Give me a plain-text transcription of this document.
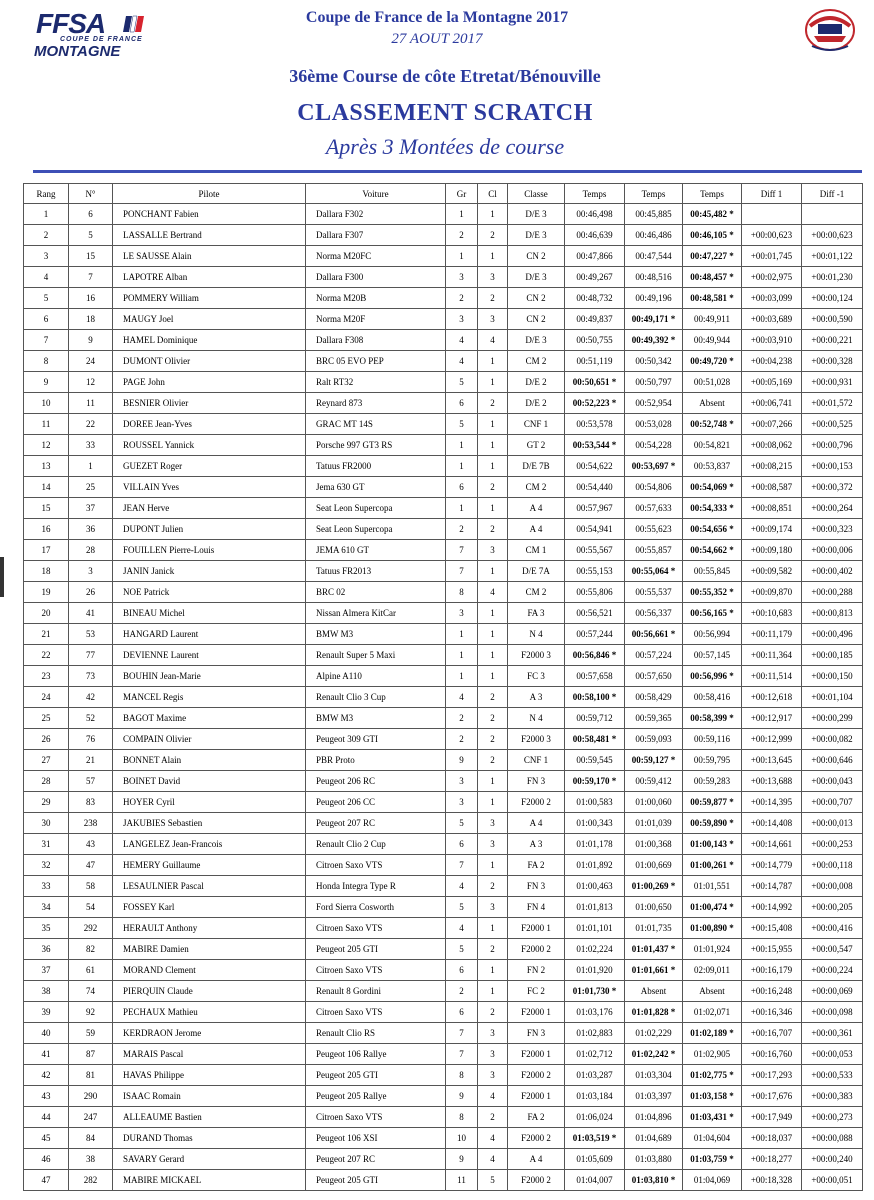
FFSA
COUPE DE FRANCE
MONTAGNE
Coupe de France de la Montagne 2017
27 AOUT 2017
36ème Course de côte Etretat/Bénouville
CLASSEMENT SCRATCH
Après 3 Montées de course
Rang	N°	Pilote	Voiture	Gr	Cl	Classe	Temps	Temps	Temps	Diff 1	Diff -1
1	6	PONCHANT Fabien	Dallara F302	1	1	D/E 3	00:46,498	00:45,885	00:45,482 *		
2	5	LASSALLE Bertrand	Dallara F307	2	2	D/E 3	00:46,639	00:46,486	00:46,105 *	+00:00,623	+00:00,623
3	15	LE SAUSSE Alain	Norma M20FC	1	1	CN 2	00:47,866	00:47,544	00:47,227 *	+00:01,745	+00:01,122
4	7	LAPOTRE Alban	Dallara F300	3	3	D/E 3	00:49,267	00:48,516	00:48,457 *	+00:02,975	+00:01,230
5	16	POMMERY William	Norma M20B	2	2	CN 2	00:48,732	00:49,196	00:48,581 *	+00:03,099	+00:00,124
6	18	MAUGY Joel	Norma M20F	3	3	CN 2	00:49,837	00:49,171 *	00:49,911	+00:03,689	+00:00,590
7	9	HAMEL Dominique	Dallara F308	4	4	D/E 3	00:50,755	00:49,392 *	00:49,944	+00:03,910	+00:00,221
8	24	DUMONT Olivier	BRC 05 EVO PEP	4	1	CM 2	00:51,119	00:50,342	00:49,720 *	+00:04,238	+00:00,328
9	12	PAGE John	Ralt RT32	5	1	D/E 2	00:50,651 *	00:50,797	00:51,028	+00:05,169	+00:00,931
10	11	BESNIER Olivier	Reynard 873	6	2	D/E 2	00:52,223 *	00:52,954	Absent	+00:06,741	+00:01,572
11	22	DOREE Jean-Yves	GRAC MT 14S	5	1	CNF 1	00:53,578	00:53,028	00:52,748 *	+00:07,266	+00:00,525
12	33	ROUSSEL Yannick	Porsche 997 GT3 RS	1	1	GT 2	00:53,544 *	00:54,228	00:54,821	+00:08,062	+00:00,796
13	1	GUEZET Roger	Tatuus FR2000	1	1	D/E 7B	00:54,622	00:53,697 *	00:53,837	+00:08,215	+00:00,153
14	25	VILLAIN Yves	Jema 630 GT	6	2	CM 2	00:54,440	00:54,806	00:54,069 *	+00:08,587	+00:00,372
15	37	JEAN Herve	Seat Leon Supercopa	1	1	A 4	00:57,967	00:57,633	00:54,333 *	+00:08,851	+00:00,264
16	36	DUPONT Julien	Seat Leon Supercopa	2	2	A 4	00:54,941	00:55,623	00:54,656 *	+00:09,174	+00:00,323
17	28	FOUILLEN Pierre-Louis	JEMA 610 GT	7	3	CM 1	00:55,567	00:55,857	00:54,662 *	+00:09,180	+00:00,006
18	3	JANIN Janick	Tatuus FR2013	7	1	D/E 7A	00:55,153	00:55,064 *	00:55,845	+00:09,582	+00:00,402
19	26	NOE Patrick	BRC 02	8	4	CM 2	00:55,806	00:55,537	00:55,352 *	+00:09,870	+00:00,288
20	41	BINEAU Michel	Nissan Almera KitCar	3	1	FA 3	00:56,521	00:56,337	00:56,165 *	+00:10,683	+00:00,813
21	53	HANGARD Laurent	BMW M3	1	1	N 4	00:57,244	00:56,661 *	00:56,994	+00:11,179	+00:00,496
22	77	DEVIENNE Laurent	Renault Super 5 Maxi	1	1	F2000 3	00:56,846 *	00:57,224	00:57,145	+00:11,364	+00:00,185
23	73	BOUHIN Jean-Marie	Alpine A110	1	1	FC 3	00:57,658	00:57,650	00:56,996 *	+00:11,514	+00:00,150
24	42	MANCEL Regis	Renault Clio 3 Cup	4	2	A 3	00:58,100 *	00:58,429	00:58,416	+00:12,618	+00:01,104
25	52	BAGOT Maxime	BMW M3	2	2	N 4	00:59,712	00:59,365	00:58,399 *	+00:12,917	+00:00,299
26	76	COMPAIN Olivier	Peugeot 309 GTI	2	2	F2000 3	00:58,481 *	00:59,093	00:59,116	+00:12,999	+00:00,082
27	21	BONNET Alain	PBR Proto	9	2	CNF 1	00:59,545	00:59,127 *	00:59,795	+00:13,645	+00:00,646
28	57	BOINET David	Peugeot 206 RC	3	1	FN 3	00:59,170 *	00:59,412	00:59,283	+00:13,688	+00:00,043
29	83	HOYER Cyril	Peugeot 206 CC	3	1	F2000 2	01:00,583	01:00,060	00:59,877 *	+00:14,395	+00:00,707
30	238	JAKUBIES Sebastien	Peugeot 207 RC	5	3	A 4	01:00,343	01:01,039	00:59,890 *	+00:14,408	+00:00,013
31	43	LANGELEZ Jean-Francois	Renault Clio 2 Cup	6	3	A 3	01:01,178	01:00,368	01:00,143 *	+00:14,661	+00:00,253
32	47	HEMERY Guillaume	Citroen Saxo VTS	7	1	FA 2	01:01,892	01:00,669	01:00,261 *	+00:14,779	+00:00,118
33	58	LESAULNIER Pascal	Honda Integra Type R	4	2	FN 3	01:00,463	01:00,269 *	01:01,551	+00:14,787	+00:00,008
34	54	FOSSEY Karl	Ford Sierra Cosworth	5	3	FN 4	01:01,813	01:00,650	01:00,474 *	+00:14,992	+00:00,205
35	292	HERAULT Anthony	Citroen Saxo VTS	4	1	F2000 1	01:01,101	01:01,735	01:00,890 *	+00:15,408	+00:00,416
36	82	MABIRE Damien	Peugeot 205 GTI	5	2	F2000 2	01:02,224	01:01,437 *	01:01,924	+00:15,955	+00:00,547
37	61	MORAND Clement	Citroen Saxo VTS	6	1	FN 2	01:01,920	01:01,661 *	02:09,011	+00:16,179	+00:00,224
38	74	PIERQUIN Claude	Renault 8 Gordini	2	1	FC 2	01:01,730 *	Absent	Absent	+00:16,248	+00:00,069
39	92	PECHAUX Mathieu	Citroen Saxo VTS	6	2	F2000 1	01:03,176	01:01,828 *	01:02,071	+00:16,346	+00:00,098
40	59	KERDRAON Jerome	Renault Clio RS	7	3	FN 3	01:02,883	01:02,229	01:02,189 *	+00:16,707	+00:00,361
41	87	MARAIS Pascal	Peugeot 106 Rallye	7	3	F2000 1	01:02,712	01:02,242 *	01:02,905	+00:16,760	+00:00,053
42	81	HAVAS Philippe	Peugeot 205 GTI	8	3	F2000 2	01:03,287	01:03,304	01:02,775 *	+00:17,293	+00:00,533
43	290	ISAAC Romain	Peugeot 205 Rallye	9	4	F2000 1	01:03,184	01:03,397	01:03,158 *	+00:17,676	+00:00,383
44	247	ALLEAUME Bastien	Citroen Saxo VTS	8	2	FA 2	01:06,024	01:04,896	01:03,431 *	+00:17,949	+00:00,273
45	84	DURAND Thomas	Peugeot 106 XSI	10	4	F2000 2	01:03,519 *	01:04,689	01:04,604	+00:18,037	+00:00,088
46	38	SAVARY Gerard	Peugeot 207 RC	9	4	A 4	01:05,609	01:03,880	01:03,759 *	+00:18,277	+00:00,240
47	282	MABIRE MICKAEL	Peugeot 205 GTI	11	5	F2000 2	01:04,007	01:03,810 *	01:04,069	+00:18,328	+00:00,051
